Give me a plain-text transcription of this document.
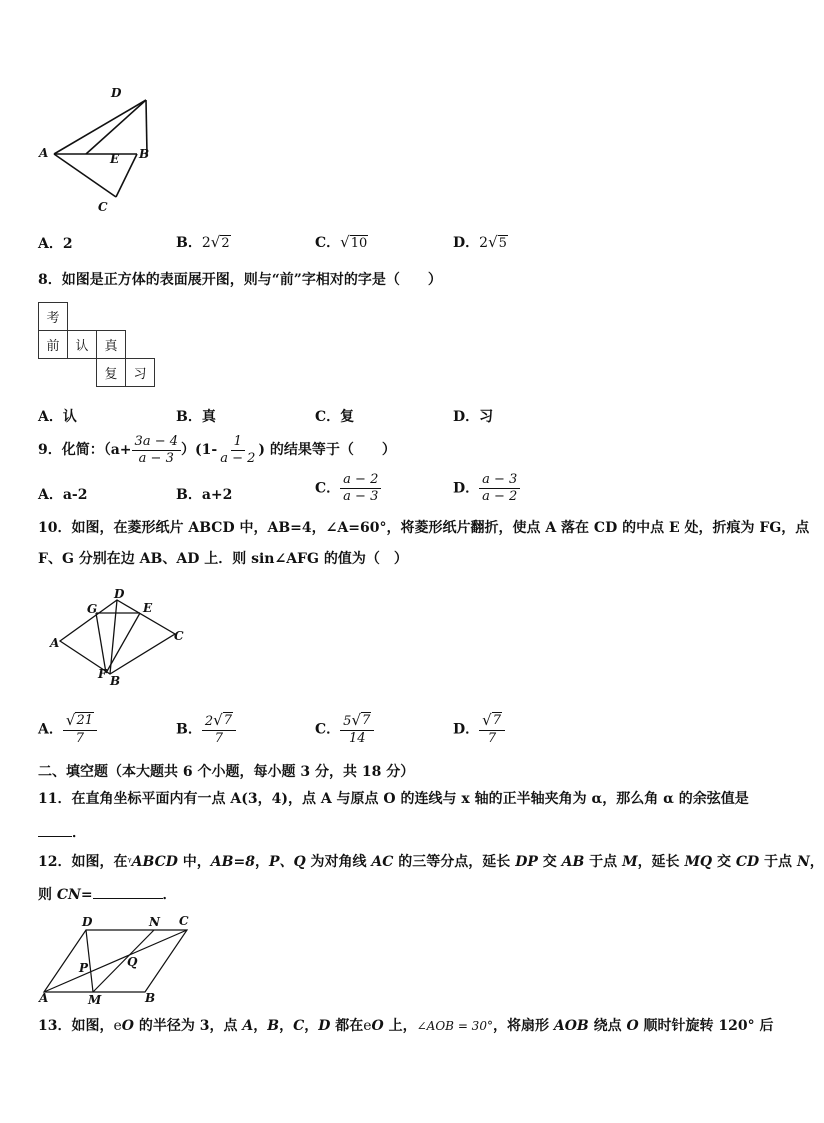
D
A	E B
C
A．2	B．2 √ 2	C． √ 10	D．2 √ 5
8．如图是正方体的表面展开图，则与“前”字相对的字是（　　）
考			
前	认	真	
		复	习
A．认	B．真	C．复	D．习
9．化简：$(a+ \frac{3a - 4}{a - 3} )(1- \frac{1}{a - 2}$ ) 的结果等于（　　）
A．a-2	B．a+2	C． $\frac{a - 2}{a - 3}$	D． $\frac{a - 3}{a - 2}$
10．如图，在菱形纸片 ABCD 中，AB=4，∠A=60°，将菱形纸片翻折，使点 A 落在 CD 的中点 E 处，折痕为 FG，点
F、G 分别在边 AB、AD 上．则 sin∠AFG 的值为（　）
D
G	E
A	C
F B
A． $\frac{√ 21}{7}$	B． $\frac{2 √ 7}{7}$	C． $\frac{5 √ 7}{14}$	D． $\frac{√ 7}{7}$
二、填空题（本大题共 6 个小题，每小题 3 分，共 18 分）
11．在直角坐标平面内有一点 A(3，4)，点 A 与原点 O 的连线与 x 轴的正半轴夹角为 α，那么角 α 的余弦值是
．
12．如图，在$^ᵞ$ABCD 中，AB=8，P、Q 为对角线 AC 的三等分点，延长 DP 交 AB 于点 M，延长 MQ 交 CD 于点 N，
则 CN=	．
D	N C
P	Q
A	M	B
13．如图，eO 的半径为 3，点 A，B，C，D 都在eO 上，∠AOB = 30°，将扇形 AOB 绕点 O 顺时针旋转 120° 后
